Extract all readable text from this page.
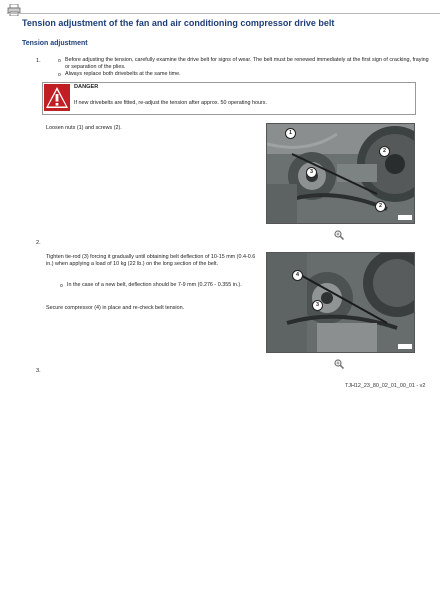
Tension adjustment of the fan and air conditioning compressor drive belt
Tension adjustment
1.	o Before adjusting the tension, carefully examine the drive belt for signs of wear. The belt must be renewed immediately at the first sign of cracking, fraying or separation of the plies.
o Always replace both drivebelts at the same time.
DANGER
If new drivebelts are fitted, re-adjust the tension after approx. 50 operating hours.
Loosen nuts (1) and screws (2).
1
2
3
2
2.
Tighten tie-rod (3) forcing it gradually until obtaining belt deflection of 10-15 mm (0.4-0.6 in.) when applying a load of 10 kg (22 lb.) on the long section of the belt.
o In the case of a new belt, deflection should be 7-9 mm (0.276 - 0.355 in.).
Secure compressor (4) in place and re-check belt tension.
4
3
3.
TJH12_23_80_02_01_00_01 - v2
